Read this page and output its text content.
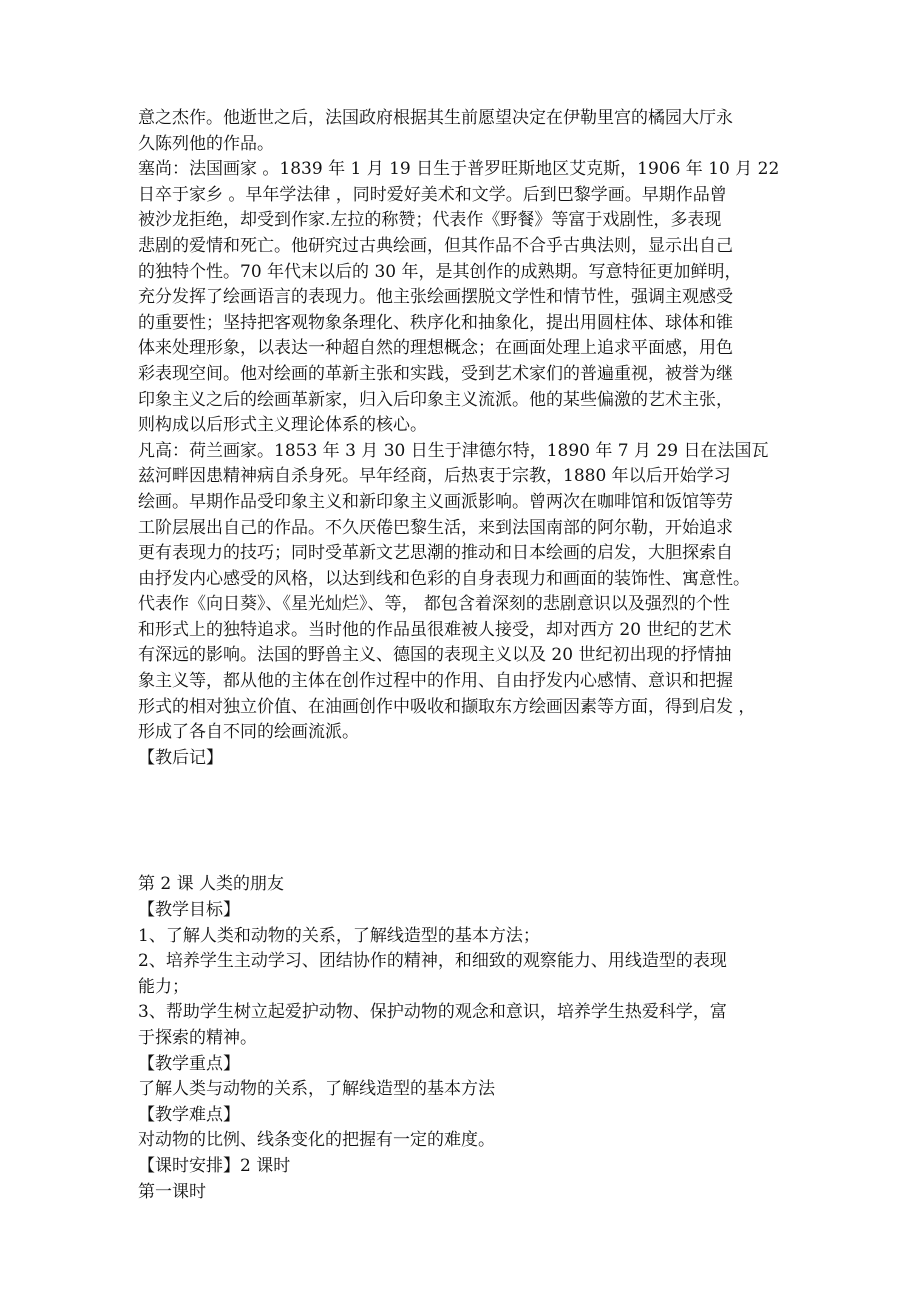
意之杰作。他逝世之后，法国政府根据其生前愿望决定在伊勒里宫的橘园大厅永
久陈列他的作品。
塞尚：法国画家 。1839 年 1 月 19 日生于普罗旺斯地区艾克斯，1906 年 10 月 22
日卒于家乡 。早年学法律 ，同时爱好美术和文学。后到巴黎学画。早期作品曾
被沙龙拒绝，却受到作家.左拉的称赞；代表作《野餐》等富于戏剧性，多表现
悲剧的爱情和死亡。他研究过古典绘画，但其作品不合乎古典法则，显示出自己
的独特个性。70 年代末以后的 30 年，是其创作的成熟期。写意特征更加鲜明，
充分发挥了绘画语言的表现力。他主张绘画摆脱文学性和情节性，强调主观感受
的重要性；坚持把客观物象条理化、秩序化和抽象化，提出用圆柱体、球体和锥
体来处理形象，以表达一种超自然的理想概念；在画面处理上追求平面感，用色
彩表现空间。他对绘画的革新主张和实践，受到艺术家们的普遍重视，被誉为继
印象主义之后的绘画革新家，归入后印象主义流派。他的某些偏激的艺术主张，
则构成以后形式主义理论体系的核心。
凡高：荷兰画家。1853 年 3 月 30 日生于津德尔特，1890 年 7 月 29 日在法国瓦
兹河畔因患精神病自杀身死。早年经商，后热衷于宗教，1880 年以后开始学习
绘画。早期作品受印象主义和新印象主义画派影响。曾两次在咖啡馆和饭馆等劳
工阶层展出自己的作品。不久厌倦巴黎生活，来到法国南部的阿尔勒，开始追求
更有表现力的技巧；同时受革新文艺思潮的推动和日本绘画的启发，大胆探索自
由抒发内心感受的风格，以达到线和色彩的自身表现力和画面的装饰性、寓意性。
代表作《向日葵》、《星光灿烂》、等， 都包含着深刻的悲剧意识以及强烈的个性
和形式上的独特追求。当时他的作品虽很难被人接受，却对西方 20 世纪的艺术
有深远的影响。法国的野兽主义、德国的表现主义以及 20 世纪初出现的抒情抽
象主义等，都从他的主体在创作过程中的作用、自由抒发内心感情、意识和把握
形式的相对独立价值、在油画创作中吸收和撷取东方绘画因素等方面，得到启发 ，
形成了各自不同的绘画流派。
【教后记】
第 2 课 人类的朋友
【教学目标】
1、了解人类和动物的关系，了解线造型的基本方法；
2、培养学生主动学习、团结协作的精神，和细致的观察能力、用线造型的表现
能力；
3、帮助学生树立起爱护动物、保护动物的观念和意识，培养学生热爱科学，富
于探索的精神。
【教学重点】
了解人类与动物的关系，了解线造型的基本方法
【教学难点】
对动物的比例、线条变化的把握有一定的难度。
【课时安排】2 课时
第一课时
